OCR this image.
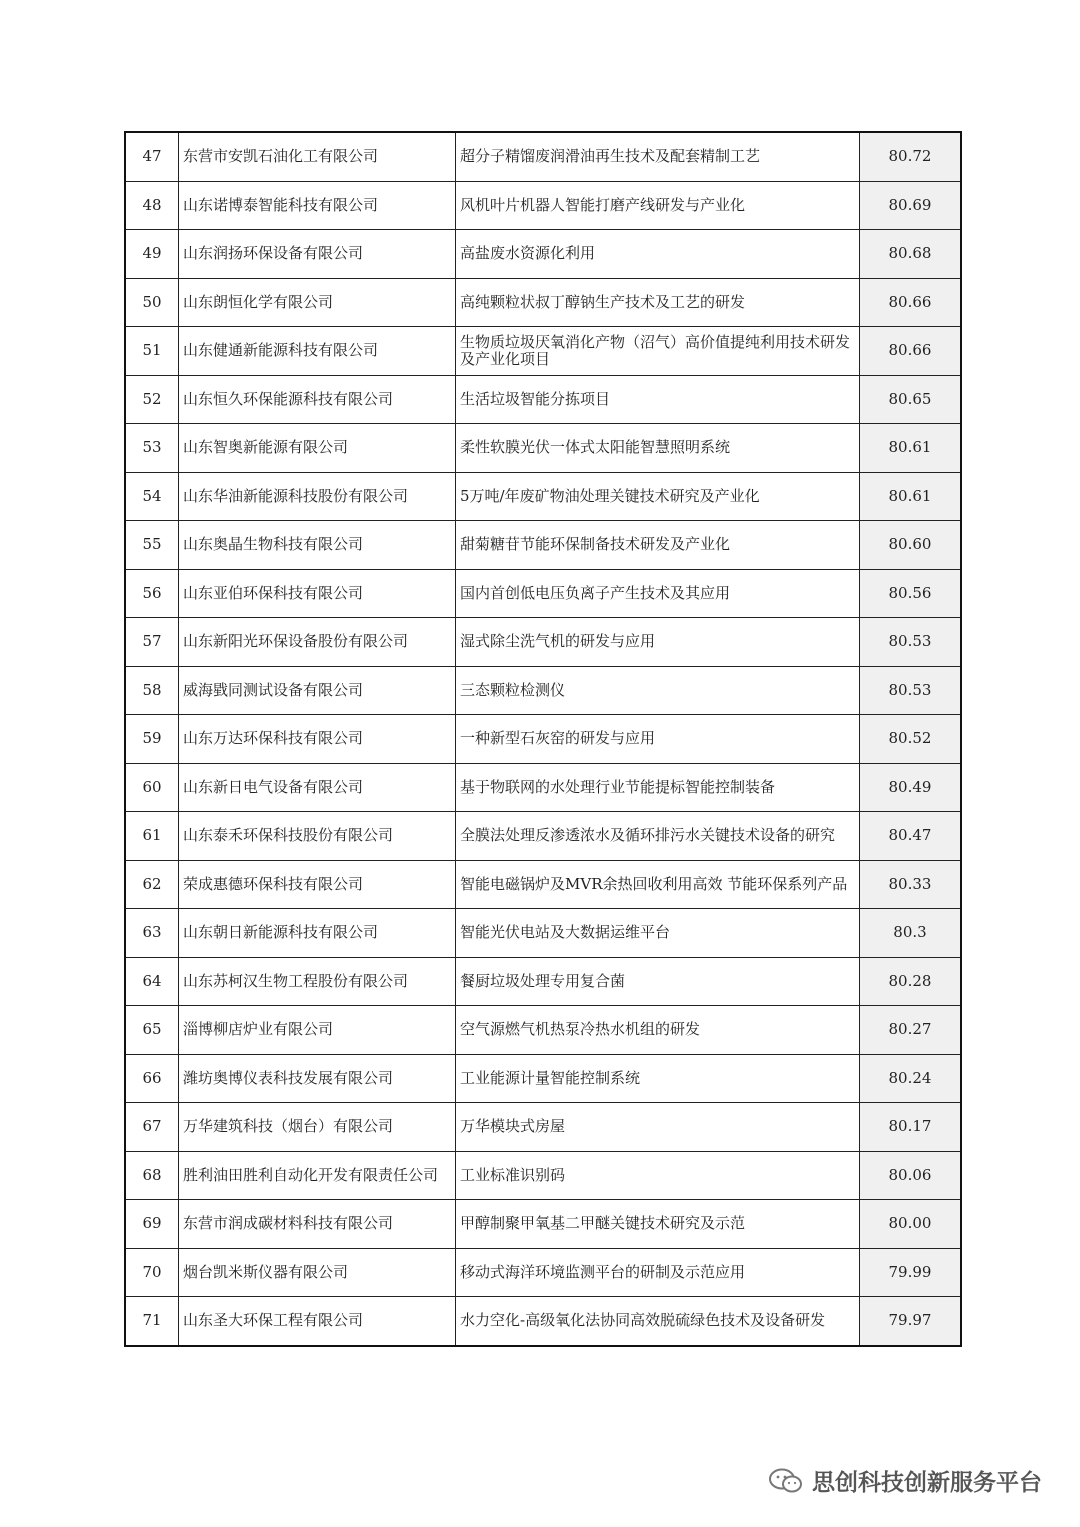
47	东营市安凯石油化工有限公司	超分子精馏废润滑油再生技术及配套精制工艺	80.72
48	山东诺博泰智能科技有限公司	风机叶片机器人智能打磨产线研发与产业化	80.69
49	山东润扬环保设备有限公司	高盐废水资源化利用	80.68
50	山东朗恒化学有限公司	高纯颗粒状叔丁醇钠生产技术及工艺的研发	80.66
51	山东健通新能源科技有限公司	生物质垃圾厌氧消化产物（沼气）高价值提纯利用技术研发及产业化项目	80.66
52	山东恒久环保能源科技有限公司	生活垃圾智能分拣项目	80.65
53	山东智奥新能源有限公司	柔性软膜光伏一体式太阳能智慧照明系统	80.61
54	山东华油新能源科技股份有限公司	5万吨/年废矿物油处理关键技术研究及产业化	80.61
55	山东奥晶生物科技有限公司	甜菊糖苷节能环保制备技术研发及产业化	80.60
56	山东亚伯环保科技有限公司	国内首创低电压负离子产生技术及其应用	80.56
57	山东新阳光环保设备股份有限公司	湿式除尘洗气机的研发与应用	80.53
58	威海戥同测试设备有限公司	三态颗粒检测仪	80.53
59	山东万达环保科技有限公司	一种新型石灰窑的研发与应用	80.52
60	山东新日电气设备有限公司	基于物联网的水处理行业节能提标智能控制装备	80.49
61	山东泰禾环保科技股份有限公司	全膜法处理反渗透浓水及循环排污水关键技术设备的研究	80.47
62	荣成惠德环保科技有限公司	智能电磁锅炉及MVR余热回收利用高效 节能环保系列产品	80.33
63	山东朝日新能源科技有限公司	智能光伏电站及大数据运维平台	80.3
64	山东苏柯汉生物工程股份有限公司	餐厨垃圾处理专用复合菌	80.28
65	淄博柳店炉业有限公司	空气源燃气机热泵冷热水机组的研发	80.27
66	潍坊奥博仪表科技发展有限公司	工业能源计量智能控制系统	80.24
67	万华建筑科技（烟台）有限公司	万华模块式房屋	80.17
68	胜利油田胜利自动化开发有限责任公司	工业标准识别码	80.06
69	东营市润成碳材料科技有限公司	甲醇制聚甲氧基二甲醚关键技术研究及示范	80.00
70	烟台凯米斯仪器有限公司	移动式海洋环境监测平台的研制及示范应用	79.99
71	山东圣大环保工程有限公司	水力空化-高级氧化法协同高效脱硫绿色技术及设备研发	79.97
思创科技创新服务平台
